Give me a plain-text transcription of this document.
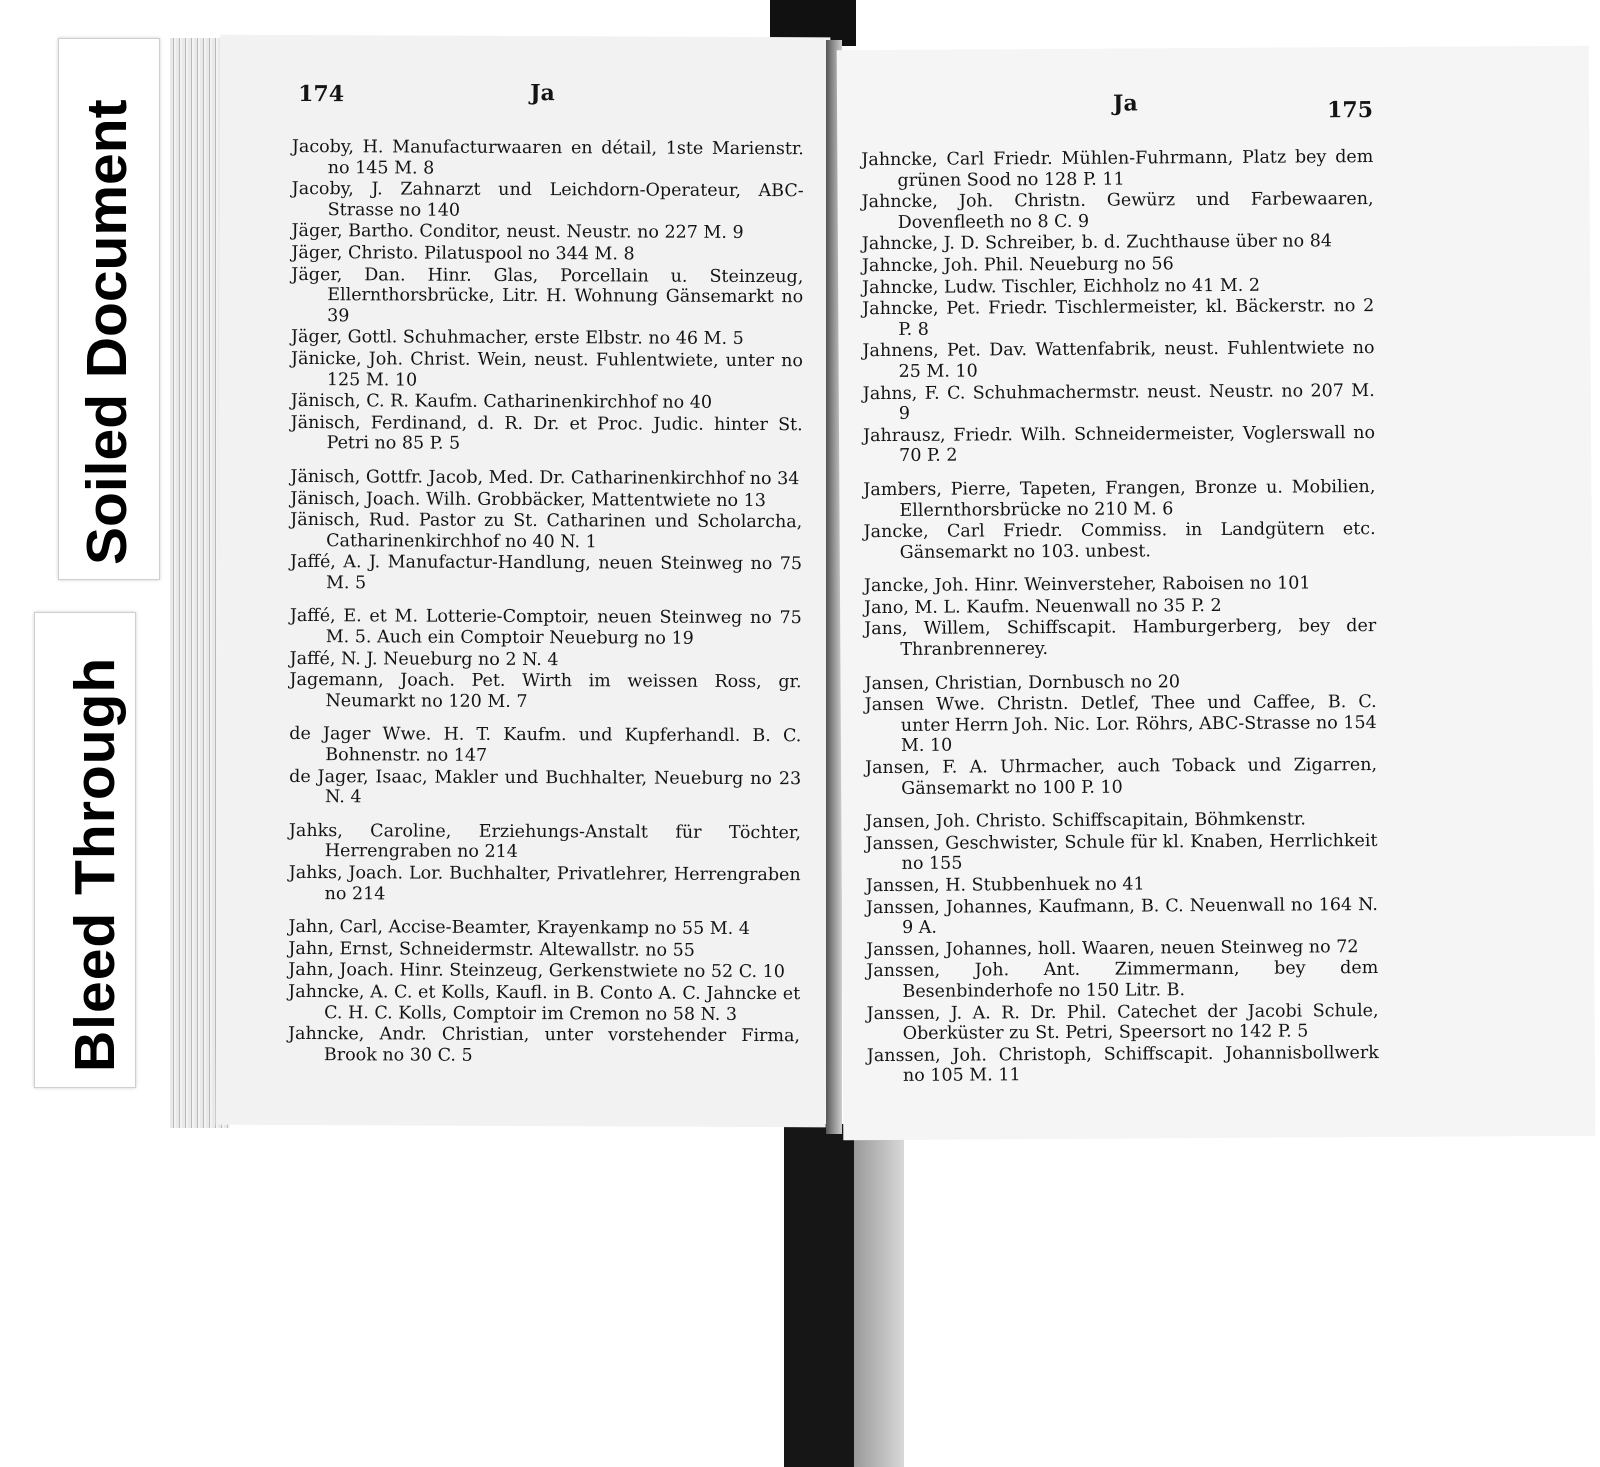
Soiled Document
Bleed Through
174	Ja
Jacoby, H. Manufacturwaaren en détail, 1ste Marienstr. no 145 M. 8
Jacoby, J. Zahnarzt und Leichdorn-Operateur, ABC-Strasse no 140
Jäger, Bartho. Conditor, neust. Neustr. no 227 M. 9
Jäger, Christo. Pilatuspool no 344 M. 8
Jäger, Dan. Hinr. Glas, Porcellain u. Steinzeug, Ellernthorsbrücke, Litr. H. Wohnung Gänsemarkt no 39
Jäger, Gottl. Schuhmacher, erste Elbstr. no 46 M. 5
Jänicke, Joh. Christ. Wein, neust. Fuhlentwiete, unter no 125 M. 10
Jänisch, C. R. Kaufm. Catharinenkirchhof no 40
Jänisch, Ferdinand, d. R. Dr. et Proc. Judic. hinter St. Petri no 85 P. 5
Jänisch, Gottfr. Jacob, Med. Dr. Catharinenkirchhof no 34
Jänisch, Joach. Wilh. Grobbäcker, Mattentwiete no 13
Jänisch, Rud. Pastor zu St. Catharinen und Scholarcha, Catharinenkirchhof no 40 N. 1
Jaffé, A. J. Manufactur-Handlung, neuen Steinweg no 75 M. 5
Jaffé, E. et M. Lotterie-Comptoir, neuen Steinweg no 75 M. 5. Auch ein Comptoir Neueburg no 19
Jaffé, N. J. Neueburg no 2 N. 4
Jagemann, Joach. Pet. Wirth im weissen Ross, gr. Neumarkt no 120 M. 7
de Jager Wwe. H. T. Kaufm. und Kupferhandl. B. C. Bohnenstr. no 147
de Jager, Isaac, Makler und Buchhalter, Neueburg no 23 N. 4
Jahks, Caroline, Erziehungs-Anstalt für Töchter, Herrengraben no 214
Jahks, Joach. Lor. Buchhalter, Privatlehrer, Herrengraben no 214
Jahn, Carl, Accise-Beamter, Krayenkamp no 55 M. 4
Jahn, Ernst, Schneidermstr. Altewallstr. no 55
Jahn, Joach. Hinr. Steinzeug, Gerkenstwiete no 52 C. 10
Jahncke, A. C. et Kolls, Kaufl. in B. Conto A. C. Jahncke et C. H. C. Kolls, Comptoir im Cremon no 58 N. 3
Jahncke, Andr. Christian, unter vorstehender Firma, Brook no 30 C. 5
Ja	175
Jahncke, Carl Friedr. Mühlen-Fuhrmann, Platz bey dem grünen Sood no 128 P. 11
Jahncke, Joh. Christn. Gewürz und Farbewaaren, Dovenfleeth no 8 C. 9
Jahncke, J. D. Schreiber, b. d. Zuchthause über no 84
Jahncke, Joh. Phil. Neueburg no 56
Jahncke, Ludw. Tischler, Eichholz no 41 M. 2
Jahncke, Pet. Friedr. Tischlermeister, kl. Bäckerstr. no 2 P. 8
Jahnens, Pet. Dav. Wattenfabrik, neust. Fuhlentwiete no 25 M. 10
Jahns, F. C. Schuhmachermstr. neust. Neustr. no 207 M. 9
Jahrausz, Friedr. Wilh. Schneidermeister, Voglerswall no 70 P. 2
Jambers, Pierre, Tapeten, Frangen, Bronze u. Mobilien, Ellernthorsbrücke no 210 M. 6
Jancke, Carl Friedr. Commiss. in Landgütern etc. Gänsemarkt no 103. unbest.
Jancke, Joh. Hinr. Weinversteher, Raboisen no 101
Jano, M. L. Kaufm. Neuenwall no 35 P. 2
Jans, Willem, Schiffscapit. Hamburgerberg, bey der Thranbrennerey.
Jansen, Christian, Dornbusch no 20
Jansen Wwe. Christn. Detlef, Thee und Caffee, B. C. unter Herrn Joh. Nic. Lor. Röhrs, ABC-Strasse no 154 M. 10
Jansen, F. A. Uhrmacher, auch Toback und Zigarren, Gänsemarkt no 100 P. 10
Jansen, Joh. Christo. Schiffscapitain, Böhmkenstr.
Janssen, Geschwister, Schule für kl. Knaben, Herrlichkeit no 155
Janssen, H. Stubbenhuek no 41
Janssen, Johannes, Kaufmann, B. C. Neuenwall no 164 N. 9 A.
Janssen, Johannes, holl. Waaren, neuen Steinweg no 72
Janssen, Joh. Ant. Zimmermann, bey dem Besenbinderhofe no 150 Litr. B.
Janssen, J. A. R. Dr. Phil. Catechet der Jacobi Schule, Oberküster zu St. Petri, Speersort no 142 P. 5
Janssen, Joh. Christoph, Schiffscapit. Johannisbollwerk no 105 M. 11
